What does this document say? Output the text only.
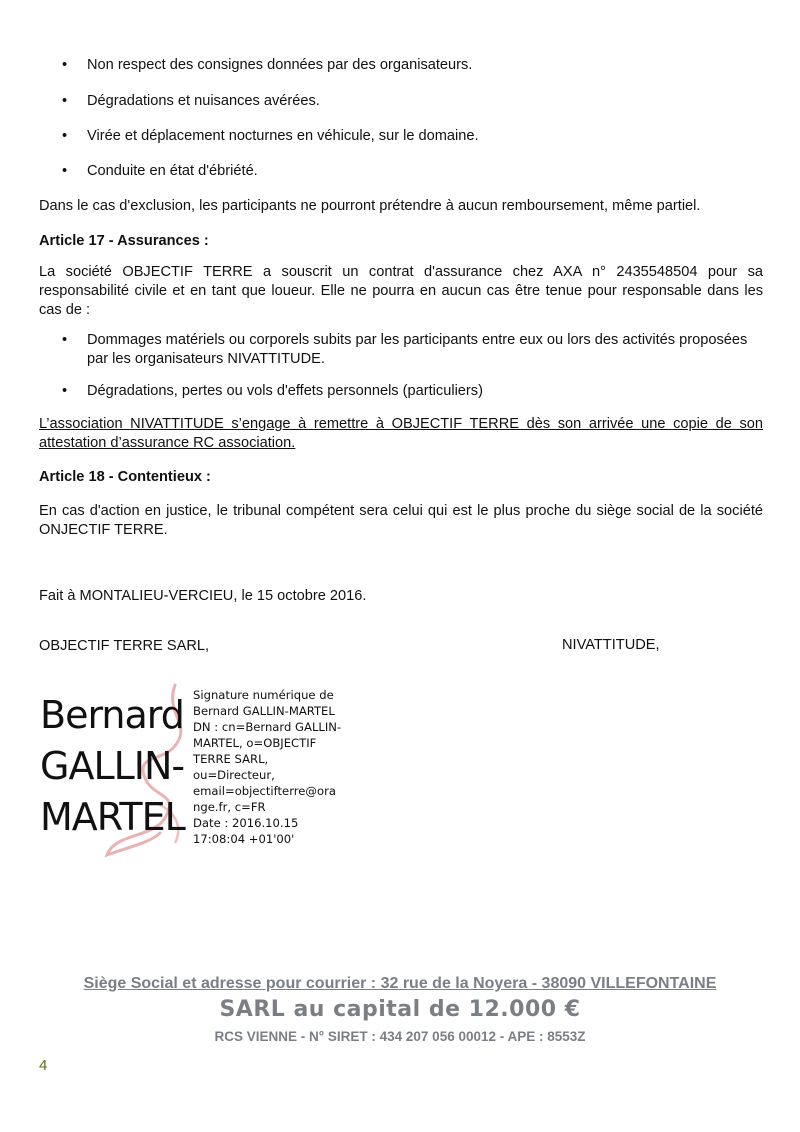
•	Non respect des consignes données par des organisateurs.
•	Dégradations et nuisances avérées.
•	Virée et déplacement nocturnes en véhicule, sur le domaine.
•	Conduite en état d'ébriété.

Dans le cas d'exclusion, les participants ne pourront prétendre à aucun remboursement, même partiel.

Article 17 - Assurances :

La société OBJECTIF TERRE a souscrit un contrat d'assurance chez AXA n° 2435548504 pour sa responsabilité civile et en tant que loueur. Elle ne pourra en aucun cas être tenue pour responsable dans les cas de :

•	Dommages matériels ou corporels subits par les participants entre eux ou lors des activités proposées par les organisateurs NIVATTITUDE.
•	Dégradations, pertes ou vols d'effets personnels (particuliers)

L’association NIVATTITUDE s’engage à remettre à OBJECTIF TERRE dès son arrivée une copie de son attestation d’assurance RC association.

Article 18 - Contentieux :

En cas d'action en justice, le tribunal compétent sera celui qui est le plus proche du siège social de la société ONJECTIF TERRE.

Fait à MONTALIEU-VERCIEU, le 15 octobre 2016.

OBJECTIF TERRE SARL,	NIVATTITUDE,

Bernard
GALLIN-
MARTEL
Signature numérique de
Bernard GALLIN-MARTEL
DN : cn=Bernard GALLIN-
MARTEL, o=OBJECTIF
TERRE SARL,
ou=Directeur,
email=objectifterre@ora
nge.fr, c=FR
Date : 2016.10.15
17:08:04 +01'00'
Siège Social et adresse pour courrier : 32 rue de la Noyera - 38090 VILLEFONTAINE
SARL au capital de 12.000 €
RCS VIENNE - N° SIRET : 434 207 056 00012 - APE : 8553Z
4
